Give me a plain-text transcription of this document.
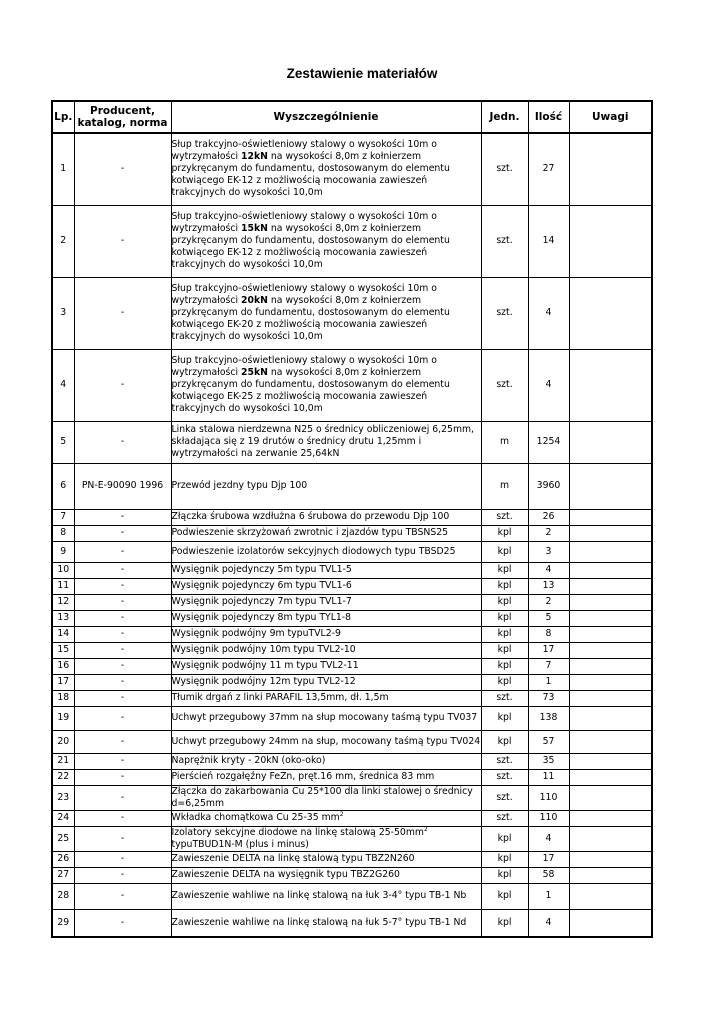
Zestawienie materiałów
Lp.	Producent, katalog, norma	Wyszczególnienie	Jedn.	Ilość	Uwagi
1	-	Słup trakcyjno-oświetleniowy stalowy o wysokości 10m o wytrzymałości 12kN na wysokości 8,0m z kołnierzem przykręcanym do fundamentu, dostosowanym do elementu kotwiącego EK-12 z możliwością mocowania zawieszeń trakcyjnych do wysokości 10,0m	szt.	27	
2	-	Słup trakcyjno-oświetleniowy stalowy o wysokości 10m o wytrzymałości 15kN na wysokości 8,0m z kołnierzem przykręcanym do fundamentu, dostosowanym do elementu kotwiącego EK-12 z możliwością mocowania zawieszeń trakcyjnych do wysokości 10,0m	szt.	14	
3	-	Słup trakcyjno-oświetleniowy stalowy o wysokości 10m o wytrzymałości 20kN na wysokości 8,0m z kołnierzem przykręcanym do fundamentu, dostosowanym do elementu kotwiącego EK-20 z możliwością mocowania zawieszeń trakcyjnych do wysokości 10,0m	szt.	4	
4	-	Słup trakcyjno-oświetleniowy stalowy o wysokości 10m o wytrzymałości 25kN na wysokości 8,0m z kołnierzem przykręcanym do fundamentu, dostosowanym do elementu kotwiącego EK-25 z możliwością mocowania zawieszeń trakcyjnych do wysokości 10,0m	szt.	4	
5	-	Linka stalowa nierdzewna N25 o średnicy obliczeniowej 6,25mm, składająca się z 19 drutów o średnicy drutu 1,25mm i wytrzymałości na zerwanie 25,64kN	m	1254	
6	PN-E-90090 1996	Przewód jezdny typu Djp 100	m	3960	
7	-	Złączka śrubowa wzdłużna 6 śrubowa do przewodu Djp 100	szt.	26	
8	-	Podwieszenie skrzyżowań zwrotnic i zjazdów typu TBSNS25	kpl	2	
9	-	Podwieszenie izolatorów sekcyjnych diodowych typu TBSD25	kpl	3	
10	-	Wysięgnik pojedynczy 5m typu TVL1-5	kpl	4	
11	-	Wysięgnik pojedynczy 6m typu TVL1-6	kpl	13	
12	-	Wysięgnik pojedynczy 7m typu TVL1-7	kpl	2	
13	-	Wysięgnik pojedynczy 8m typu TYL1-8	kpl	5	
14	-	Wysięgnik podwójny 9m typuTVL2-9	kpl	8	
15	-	Wysięgnik podwójny 10m typu TVL2-10	kpl	17	
16	-	Wysięgnik podwójny 11 m typu TVL2-11	kpl	7	
17	-	Wysięgnik podwójny 12m typu TVL2-12	kpl	1	
18	-	Tłumik drgań z linki PARAFIL 13,5mm, dł. 1,5m	szt.	73	
19	-	Uchwyt przegubowy 37mm na słup mocowany taśmą typu TV037	kpl	138	
20	-	Uchwyt przegubowy 24mm na słup, mocowany taśmą typu TV024	kpl	57	
21	-	Naprężnik kryty - 20kN (oko-oko)	szt.	35	
22	-	Pierścień rozgałęźny FeZn, pręt.16 mm, średnica 83 mm	szt.	11	
23	-	Złączka do zakarbowania Cu 25*100 dla linki stalowej o średnicy d=6,25mm	szt.	110	
24	-	Wkładka chomątkowa Cu 25-35 $mm^2$	szt.	110	
25	-	Izolatory sekcyjne diodowe na linkę stalową $25-50mm^2$ typuTBUD1N-M (plus i minus)	kpl	4	
26	-	Zawieszenie DELTA na linkę stalową typu TBZ2N260	kpl	17	
27	-	Zawieszenie DELTA na wysięgnik typu TBZ2G260	kpl	58	
28	-	Zawieszenie wahliwe na linkę stalową na łuk 3-4° typu TB-1 Nb	kpl	1	
29	-	Zawieszenie wahliwe na linkę stalową na łuk 5-7° typu TB-1 Nd	kpl	4	
